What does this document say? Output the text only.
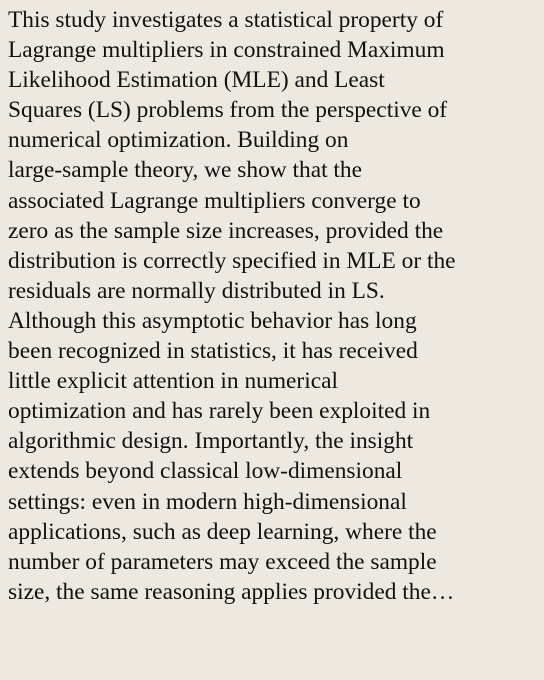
This study investigates a statistical property of
Lagrange multipliers in constrained Maximum
Likelihood Estimation (MLE) and Least
Squares (LS) problems from the perspective of
numerical optimization. Building on
large-sample theory, we show that the
associated Lagrange multipliers converge to
zero as the sample size increases, provided the
distribution is correctly specified in MLE or the
residuals are normally distributed in LS.
Although this asymptotic behavior has long
been recognized in statistics, it has received
little explicit attention in numerical
optimization and has rarely been exploited in
algorithmic design. Importantly, the insight
extends beyond classical low-dimensional
settings: even in modern high-dimensional
applications, such as deep learning, where the
number of parameters may exceed the sample
size, the same reasoning applies provided the…
